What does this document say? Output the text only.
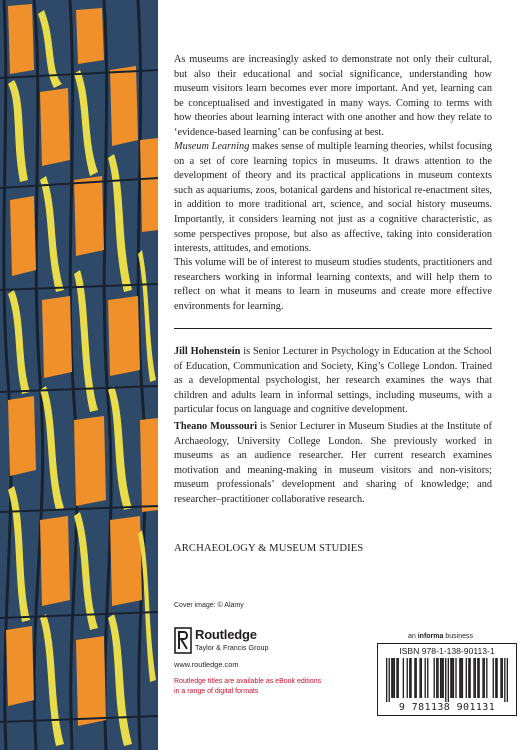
As museums are increasingly asked to demonstrate not only their cultural, but also their educational and social significance, understanding how museum visitors learn becomes ever more important. And yet, learning can be conceptualised and investigated in many ways. Coming to terms with how theories about learning interact with one another and how they relate to ‘evidence-based learning’ can be confusing at best.

Museum Learning makes sense of multiple learning theories, whilst focusing on a set of core learning topics in museums. It draws attention to the development of theory and its practical applications in museum contexts such as aquariums, zoos, botanical gardens and historical re-enactment sites, in addition to more traditional art, science, and social history museums. Importantly, it considers learning not just as a cognitive characteristic, as some perspectives propose, but also as affective, taking into consideration interests, attitudes, and emotions.

This volume will be of interest to museum studies students, practitioners and researchers working in informal learning contexts, and will help them to reflect on what it means to learn in museums and create more effective environments for learning.

Jill Hohenstein is Senior Lecturer in Psychology in Education at the School of Education, Communication and Society, King’s College London. Trained as a developmental psychologist, her research examines the ways that children and adults learn in informal settings, including museums, with a particular focus on language and cognitive development.

Theano Moussouri is Senior Lecturer in Museum Studies at the Institute of Archaeology, University College London. She previously worked in museums as an audience researcher. Her current research examines motivation and meaning-making in museum visitors and non-visitors; museum professionals’ development and sharing of knowledge; and researcher–practitioner collaborative research.

ARCHAEOLOGY & MUSEUM STUDIES
Cover image: © Alamy
Routledge
Taylor & Francis Group
www.routledge.com
Routledge titles are available as eBook editions in a range of digital formats
an informa business
ISBN 978-1-138-90113-1
9 781138 901131
